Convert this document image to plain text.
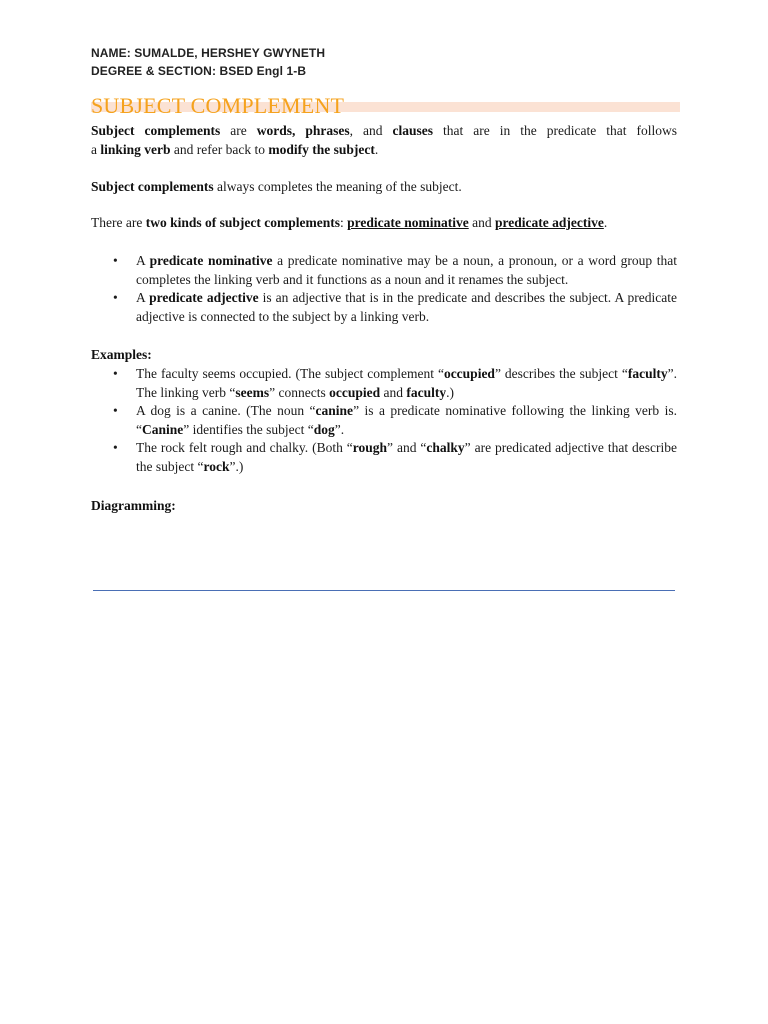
NAME: SUMALDE, HERSHEY GWYNETH
DEGREE & SECTION: BSED Engl 1-B
SUBJECT COMPLEMENT
Subject complements are words, phrases, and clauses that are in the predicate that follows
a linking verb and refer back to modify the subject.
Subject complements always completes the meaning of the subject.
There are two kinds of subject complements: predicate nominative and predicate adjective.
• A predicate nominative a predicate nominative may be a noun, a pronoun, or a word group that completes the linking verb and it functions as a noun and it renames the subject.
• A predicate adjective is an adjective that is in the predicate and describes the subject. A predicate adjective is connected to the subject by a linking verb.
Examples:
• The faculty seems occupied. (The subject complement “occupied” describes the subject “faculty”. The linking verb “seems” connects occupied and faculty.)
• A dog is a canine. (The noun “canine” is a predicate nominative following the linking verb is. “Canine” identifies the subject “dog”.
• The rock felt rough and chalky. (Both “rough” and “chalky” are predicated adjective that describe the subject “rock”.)
Diagramming:
